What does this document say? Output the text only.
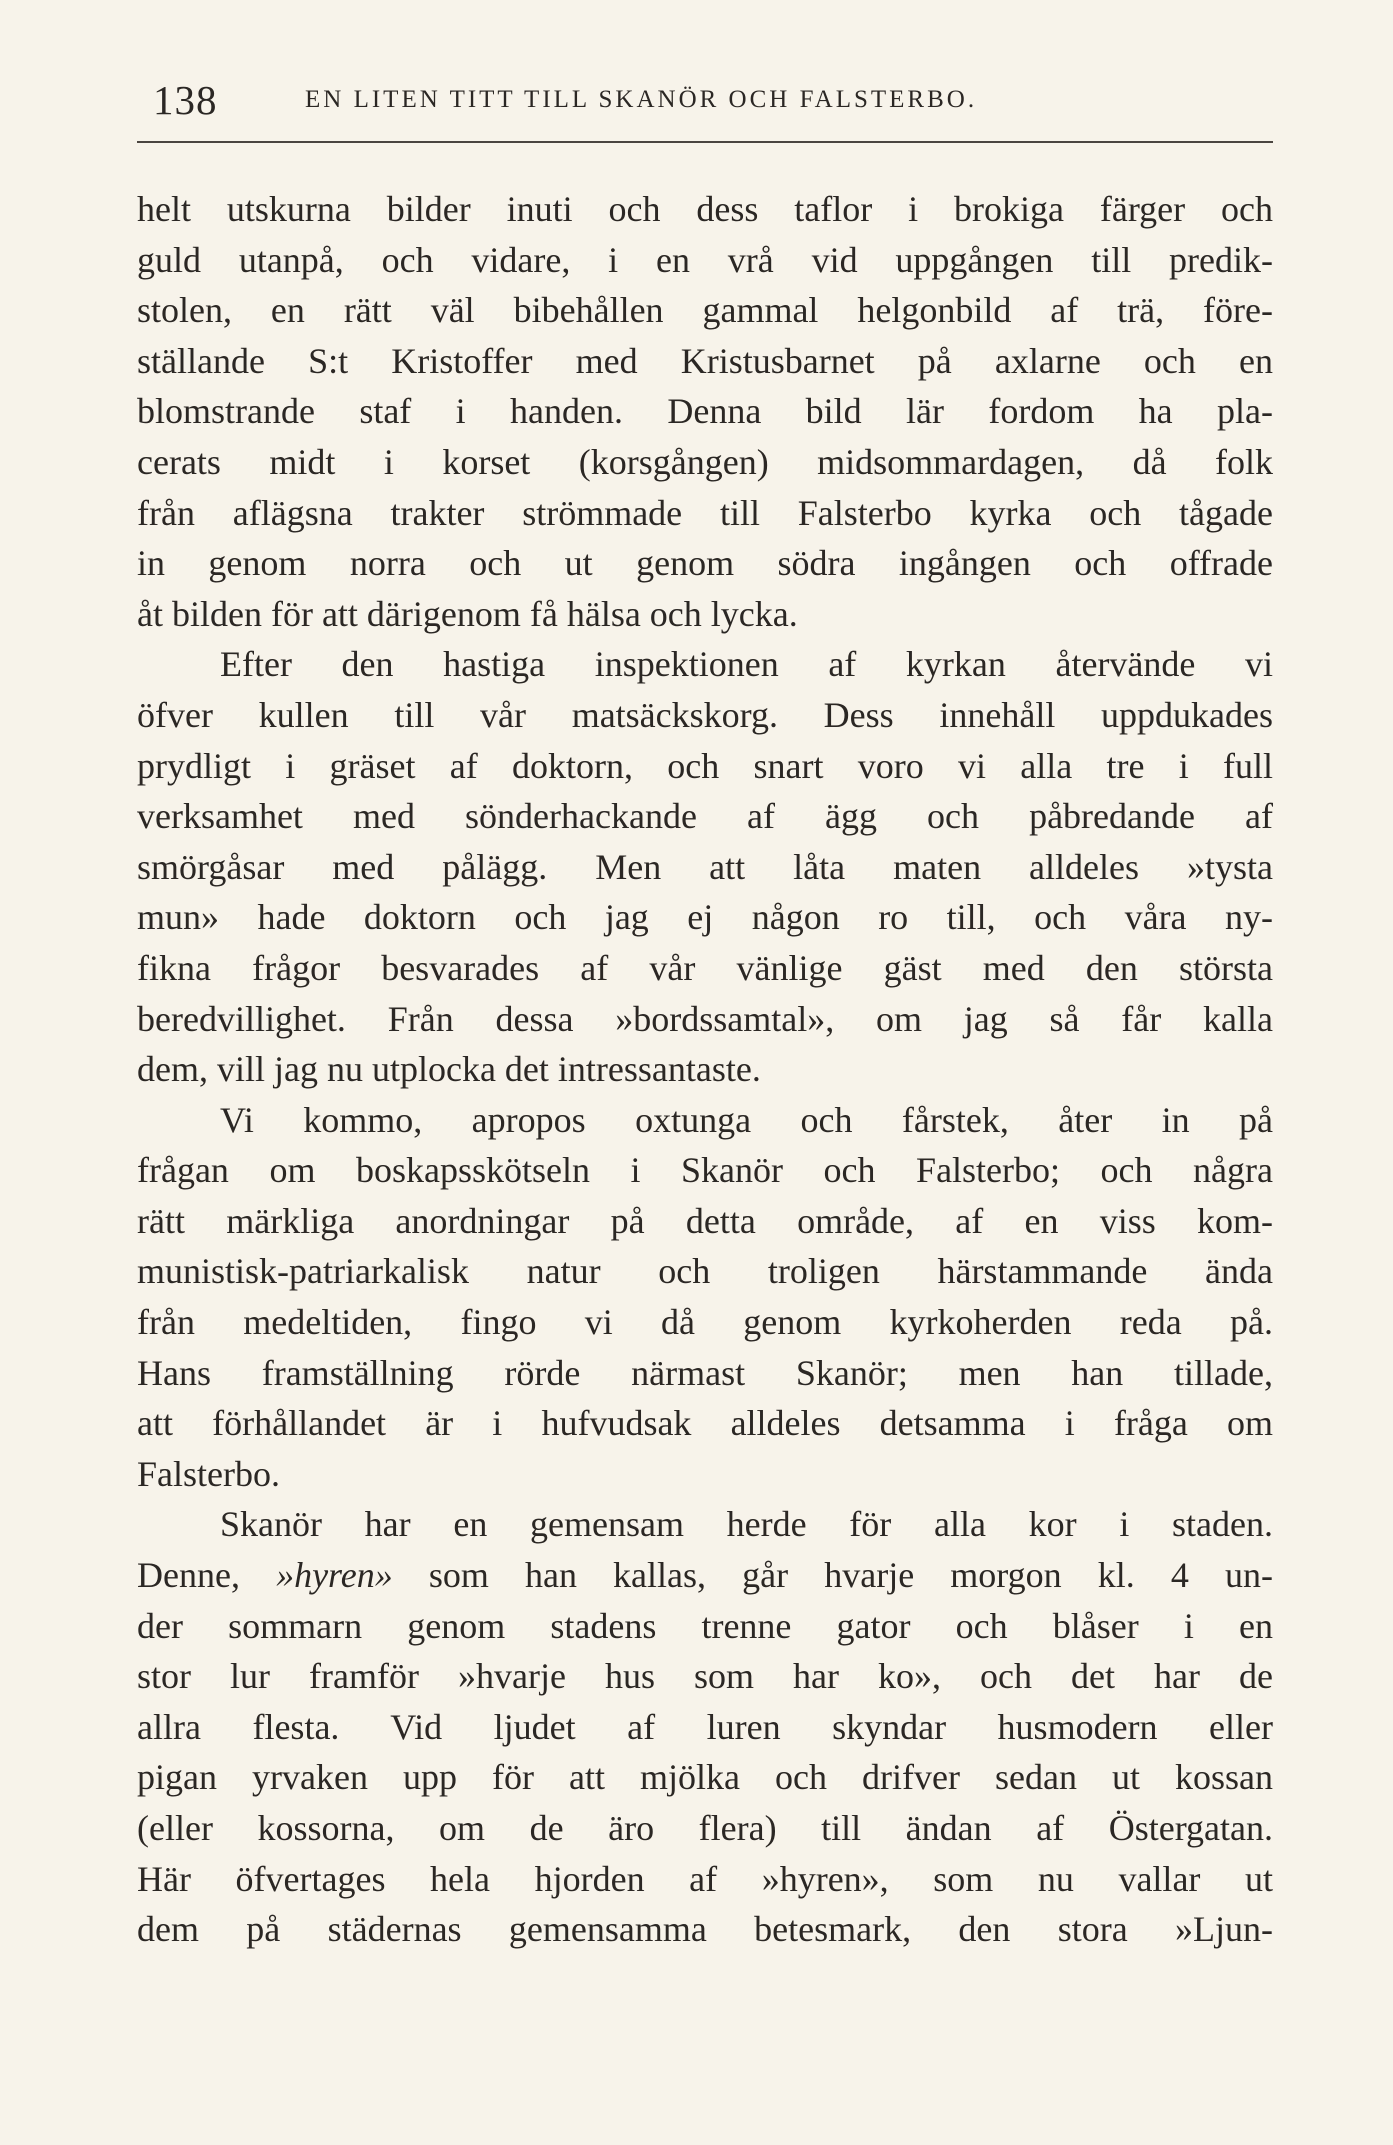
138	EN LITEN TITT TILL SKANÖR OCH FALSTERBO.
helt utskurna bilder inuti och dess taflor i brokiga färger och
guld utanpå, och vidare, i en vrå vid uppgången till predik-
stolen, en rätt väl bibehållen gammal helgonbild af trä, före-
ställande S:t Kristoffer med Kristusbarnet på axlarne och en
blomstrande staf i handen. Denna bild lär fordom ha pla-
cerats midt i korset (korsgången) midsommardagen, då folk
från aflägsna trakter strömmade till Falsterbo kyrka och tågade
in genom norra och ut genom södra ingången och offrade
åt bilden för att därigenom få hälsa och lycka.
Efter den hastiga inspektionen af kyrkan återvände vi
öfver kullen till vår matsäckskorg. Dess innehåll uppdukades
prydligt i gräset af doktorn, och snart voro vi alla tre i full
verksamhet med sönderhackande af ägg och påbredande af
smörgåsar med pålägg. Men att låta maten alldeles »tysta
mun» hade doktorn och jag ej någon ro till, och våra ny-
fikna frågor besvarades af vår vänlige gäst med den största
beredvillighet. Från dessa »bordssamtal», om jag så får kalla
dem, vill jag nu utplocka det intressantaste.
Vi kommo, apropos oxtunga och fårstek, åter in på
frågan om boskapsskötseln i Skanör och Falsterbo; och några
rätt märkliga anordningar på detta område, af en viss kom-
munistisk-patriarkalisk natur och troligen härstammande ända
från medeltiden, fingo vi då genom kyrkoherden reda på.
Hans framställning rörde närmast Skanör; men han tillade,
att förhållandet är i hufvudsak alldeles detsamma i fråga om
Falsterbo.
Skanör har en gemensam herde för alla kor i staden.
Denne, »hyren» som han kallas, går hvarje morgon kl. 4 un-
der sommarn genom stadens trenne gator och blåser i en
stor lur framför »hvarje hus som har ko», och det har de
allra flesta. Vid ljudet af luren skyndar husmodern eller
pigan yrvaken upp för att mjölka och drifver sedan ut kossan
(eller kossorna, om de äro flera) till ändan af Östergatan.
Här öfvertages hela hjorden af »hyren», som nu vallar ut
dem på städernas gemensamma betesmark, den stora »Ljun-
